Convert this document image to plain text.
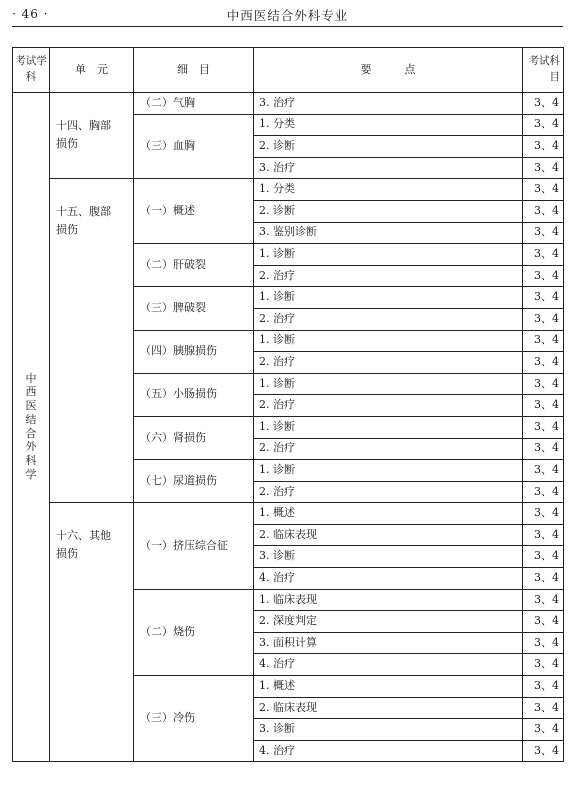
· 46 ·	中西医结合外科专业
考试学科	单　元	细　目	要　　　点	考试科目
中西医结合外科学	十四、胸部损伤	（二）气胸	3. 治疗	3、4
		（三）血胸	1. 分类	3、4
			2. 诊断	3、4
			3. 治疗	3、4
	十五、腹部损伤	（一）概述	1. 分类	3、4
			2. 诊断	3、4
			3. 鉴别诊断	3、4
		（二）肝破裂	1. 诊断	3、4
			2. 治疗	3、4
		（三）脾破裂	1. 诊断	3、4
			2. 治疗	3、4
		（四）胰腺损伤	1. 诊断	3、4
			2. 治疗	3、4
		（五）小肠损伤	1. 诊断	3、4
			2. 治疗	3、4
		（六）肾损伤	1. 诊断	3、4
			2. 治疗	3、4
		（七）尿道损伤	1. 诊断	3、4
			2. 治疗	3、4
	十六、其他损伤	（一）挤压综合征	1. 概述	3、4
			2. 临床表现	3、4
			3. 诊断	3、4
			4. 治疗	3、4
		（二）烧伤	1. 临床表现	3、4
			2. 深度判定	3、4
			3. 面积计算	3、4
			4. 治疗	3、4
		（三）冷伤	1. 概述	3、4
			2. 临床表现	3、4
			3. 诊断	3、4
			4. 治疗	3、4
